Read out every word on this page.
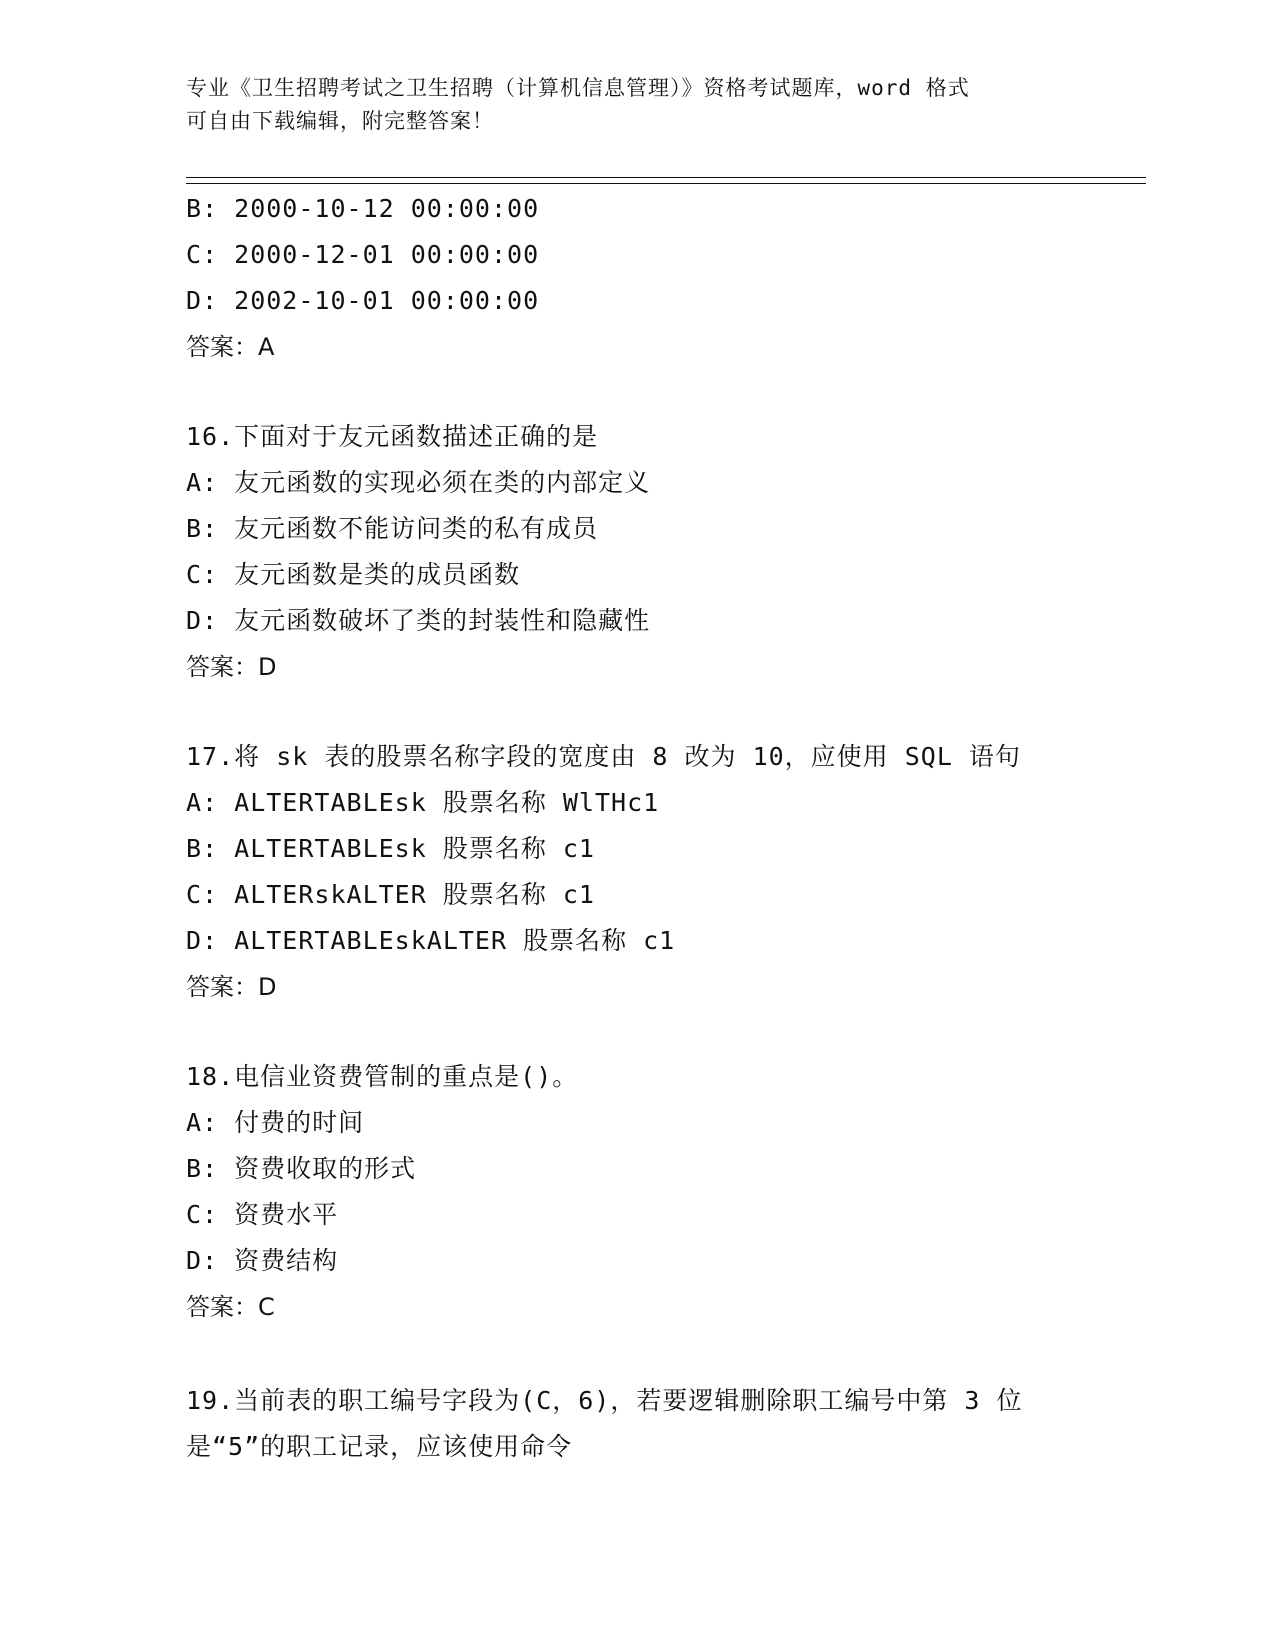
专业《卫生招聘考试之卫生招聘（计算机信息管理）》资格考试题库，word 格式
可自由下载编辑，附完整答案！
B: 2000-10-12 00:00:00
C: 2000-12-01 00:00:00
D: 2002-10-01 00:00:00
答案：A
16.下面对于友元函数描述正确的是
A: 友元函数的实现必须在类的内部定义
B: 友元函数不能访问类的私有成员
C: 友元函数是类的成员函数
D: 友元函数破坏了类的封装性和隐藏性
答案：D
17.将 sk 表的股票名称字段的宽度由 8 改为 10，应使用 SQL 语句
A: ALTERTABLEsk 股票名称 WlTHc1
B: ALTERTABLEsk 股票名称 c1
C: ALTERskALTER 股票名称 c1
D: ALTERTABLEskALTER 股票名称 c1
答案：D
18.电信业资费管制的重点是()。
A: 付费的时间
B: 资费收取的形式
C: 资费水平
D: 资费结构
答案：C
19.当前表的职工编号字段为(C，6)，若要逻辑删除职工编号中第 3 位
是“5”的职工记录，应该使用命令
